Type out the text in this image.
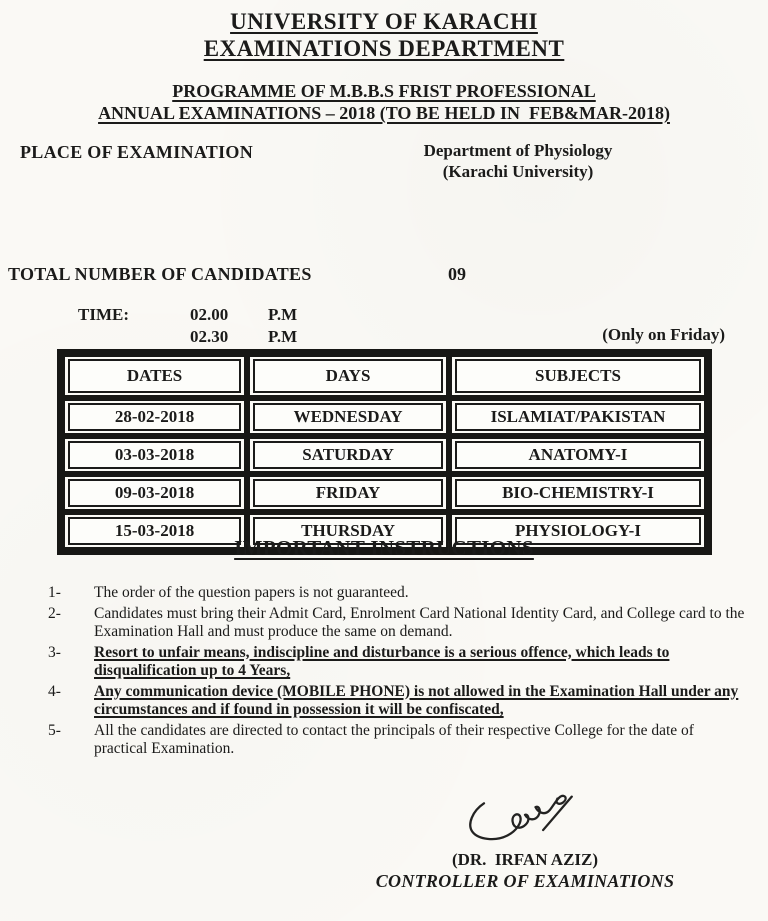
UNIVERSITY OF KARACHI
EXAMINATIONS DEPARTMENT
PROGRAMME OF M.B.B.S FRIST PROFESSIONAL
ANNUAL EXAMINATIONS – 2018 (TO BE HELD IN  FEB&MAR-2018)
PLACE OF EXAMINATION	Department of Physiology
(Karachi University)
TOTAL NUMBER OF CANDIDATES	09
TIME:	02.00	P.M
02.30	P.M	(Only on Friday)
DATES	DAYS	SUBJECTS

28-02-2018	WEDNESDAY	ISLAMIAT/PAKISTAN

03-03-2018	SATURDAY	ANATOMY-I

09-03-2018	FRIDAY	BIO-CHEMISTRY-I

15-03-2018	THURSDAY	PHYSIOLOGY-I
IMPORTANT INSTRUCTIONS
1-	The order of the question papers is not guaranteed.
2-	Candidates must bring their Admit Card, Enrolment Card National Identity Card, and College card to the Examination Hall and must produce the same on demand.
3-	Resort to unfair means, indiscipline and disturbance is a serious offence, which leads to disqualification up to 4 Years,
4-	Any communication device (MOBILE PHONE) is not allowed in the Examination Hall under any circumstances and if found in possession it will be confiscated,
5-	All the candidates are directed to contact the principals of their respective College for the date of practical Examination.
(DR.  IRFAN AZIZ)
CONTROLLER OF EXAMINATIONS
